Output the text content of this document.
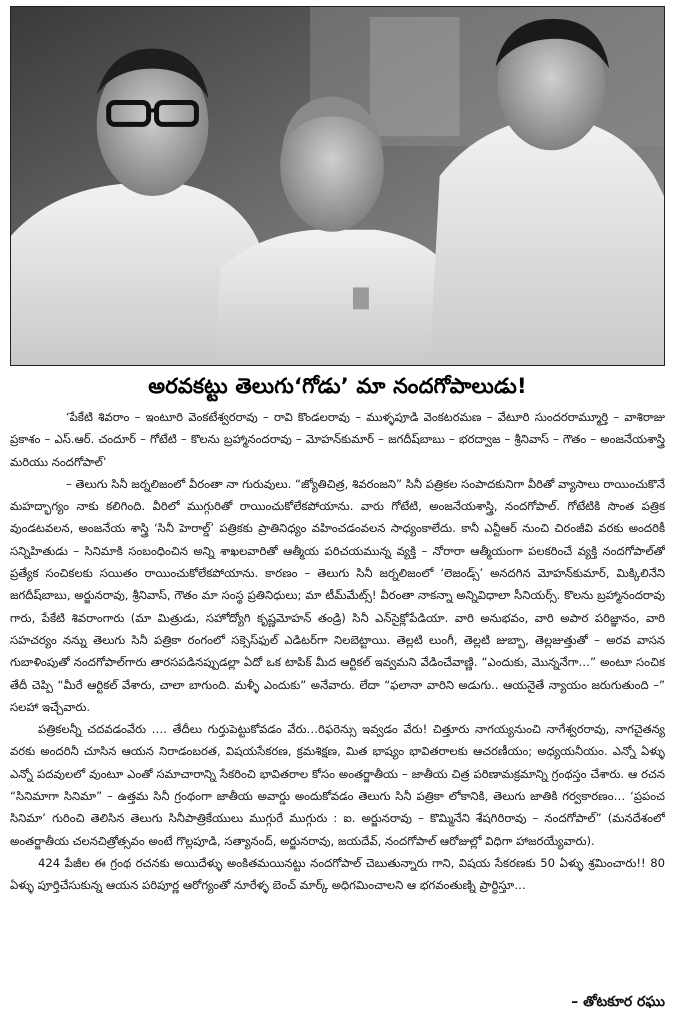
అరవకట్టు తెలుగు‘గోడు’ మా నందగోపాలుడు!

‘పేకేటి శివరాం – ఇంటూరి వెంకటేశ్వరరావు – రావి కొండలరావు – ముళ్ళపూడి వెంకటరమణ – వేటూరి సుందరరామ్మూర్తి – వాశిరాజు ప్రకాశం – ఎస్‌.ఆర్‌. చందూర్‌ – గోటేటి – కొలను బ్రహ్మానందరావు – మోహన్‌కుమార్‌ – జగదీష్‌బాబు – భరద్వాజ – శ్రీనివాస్‌ – గౌతం – అంజనేయశాస్త్రి మరియు నందగోపాల్‌’

– తెలుగు సినీ జర్నలిజంలో వీరంతా నా గురువులు. “జ్యోతిచిత్ర, శివరంజని” సినీ పత్రికల సంపాదకునిగా వీరితో వ్యాసాలు రాయించుకొనే మహద్భాగ్యం నాకు కలిగింది. వీరిలో ముగ్గురితో రాయించుకోలేకపోయాను. వారు గోటేటి, అంజనేయశాస్త్రి, నందగోపాల్‌. గోటేటికి సొంత పత్రిక వుండటవలన, అంజనేయ శాస్త్రి ‘సినీ హెరాల్డ్‌’ పత్రికకు ప్రాతినిధ్యం వహించడంవలన సాధ్యంకాలేదు. కానీ ఎన్టీఆర్‌ నుంచి చిరంజీవి వరకు అందరికీ సన్నిహితుడు – సినిమాకి సంబంధించిన అన్ని శాఖలవారితో ఆత్మీయ పరిచయమున్న వ్యక్తి – నోరారా ఆత్మీయంగా పలకరించే వ్యక్తి నందగోపాల్‌తో ప్రత్యేక సంచికలకు సయితం రాయించుకోలేకపోయాను. కారణం – తెలుగు సినీ జర్నలిజంలో ‘లెజండ్స్‌’ అనదగిన మోహన్‌కుమార్‌, మిక్కిలినేని జగదీష్‌బాబు, అర్జునరావు, శ్రీనివాస్‌, గౌతం మా సంస్థ ప్రతినిధులు; మా టీమ్‌మేట్స్‌! వీరంతా నాకన్నా అన్నివిధాలా సీనియర్స్‌. కొలను బ్రహ్మానందరావు గారు, పేకేటి శివరాంగారు (మా మిత్రుడు, సహోద్యోగి కృష్ణమోహన్‌ తండ్రి) సినీ ఎన్‌సైక్లోపేడియా. వారి అనుభవం, వారి అపార పరిజ్ఞానం, వారి సహచర్యం నన్ను తెలుగు సినీ పత్రికా రంగంలో సక్సెస్‌ఫుల్‌ ఎడిటర్‌గా నిలబెట్టాయి. తెల్లటి లుంగీ, తెల్లటి జుబ్బా, తెల్లజుత్తుతో – అరవ వాసన గుబాళింపుతో నందగోపాల్‌గారు తారసపడినప్పుడల్లా ఏదో ఒక టాపిక్‌ మీద ఆర్టికల్‌ ఇవ్వమని వేడించేవాణ్ణి. “ఎందుకు, మొన్ననేగా…” అంటూ సంచిక తేదీ చెప్పి “మీరే ఆర్టికల్‌ వేశారు, చాలా బాగుంది. మళ్ళీ ఎందుకు” అనేవారు. లేదా “ఫలానా వారిని అడుగు.. ఆయనైతే న్యాయం జరుగుతుంది –” సలహా ఇచ్చేవారు.

పత్రికలన్నీ చదవడంవేరు …. తేదీలు గుర్తుపెట్టుకోవడం వేరు…రిఫరెన్సు ఇవ్వడం వేరు! చిత్తూరు నాగయ్యనుంచి నాగేశ్వరరావు, నాగచైతన్య వరకు అందరినీ చూసిన ఆయన నిరాడంబరత, విషయసేకరణ, క్రమశిక్షణ, మిత భాష్యం భావితరాలకు ఆచరణీయం; అధ్యయనీయం. ఎన్నో ఏళ్ళు ఎన్నో పదవులలో వుంటూ ఎంతో సమాచారాన్ని సేకరించి భావితరాల కోసం అంతర్జాతీయ – జాతీయ చిత్ర పరిణామక్రమాన్ని గ్రంథస్తం చేశారు. ఆ రచన “సినిమాగా సినిమా” – ఉత్తమ సినీ గ్రంథంగా జాతీయ అవార్డు అందుకోవడం తెలుగు సినీ పత్రికా లోకానికి, తెలుగు జాతికి గర్వకారణం… ‘ప్రపంచ సినిమా’ గురించి తెలిసిన తెలుగు సినీపాత్రికేయులు ముగ్గురే ముగ్గురు : ఐ. అర్జునరావు – కొమ్మినేని శేషగిరిరావు – నందగోపాల్‌” (మనదేశంలో అంతర్జాతీయ చలనచిత్రోత్సవం అంటే గొల్లపూడి, సత్యానంద్‌, అర్జునరావు, జయదేవ్‌, నందగోపాల్‌ ఆరోజుల్లో విధిగా హాజరయ్యేవారు).

424 పేజీల ఈ గ్రంథ రచనకు అయిదేళ్ళు అంకితమయినట్టు నందగోపాల్‌ చెబుతున్నారు గాని, విషయ సేకరణకు 50 ఏళ్ళు శ్రమించారు!! 80 ఏళ్ళు పూర్తిచేసుకున్న ఆయన పరిపూర్ణ ఆరోగ్యంతో నూరేళ్ళ బెంచ్‌ మార్క్‌ అధిగమించాలని ఆ భగవంతుణ్ని ప్రార్ధిస్తూ…

– తోటకూర రఘు
